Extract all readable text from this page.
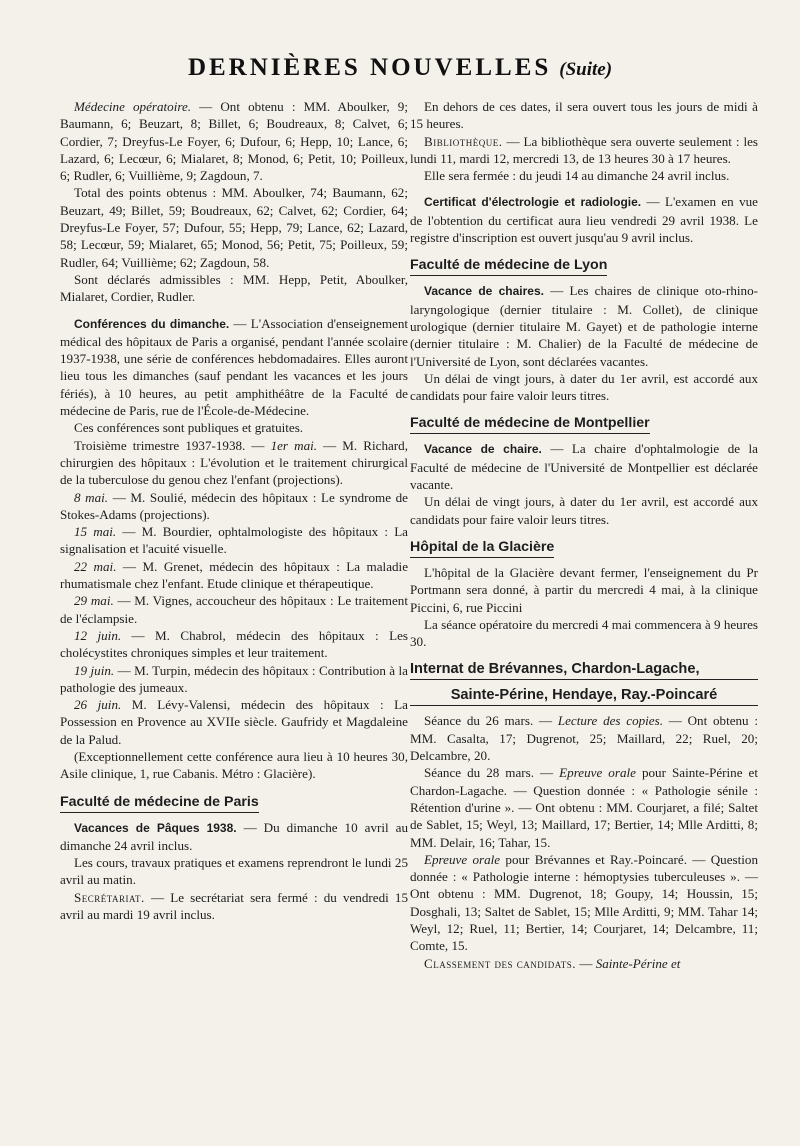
DERNIÈRES NOUVELLES (Suite)

Médecine opératoire. — Ont obtenu : MM. Aboulker, 9; Baumann, 6; Beuzart, 8; Billet, 6; Boudreaux, 8; Calvet, 6; Cordier, 7; Dreyfus-Le Foyer, 6; Dufour, 6; Hepp, 10; Lance, 6; Lazard, 6; Lecœur, 6; Mialaret, 8; Monod, 6; Petit, 10; Poilleux, 6; Rudler, 6; Vuillième, 9; Zagdoun, 7.

Total des points obtenus : MM. Aboulker, 74; Baumann, 62; Beuzart, 49; Billet, 59; Boudreaux, 62; Calvet, 62; Cordier, 64; Dreyfus-Le Foyer, 57; Dufour, 55; Hepp, 79; Lance, 62; Lazard, 58; Lecœur, 59; Mialaret, 65; Monod, 56; Petit, 75; Poilleux, 59; Rudler, 64; Vuillième; 62; Zagdoun, 58.

Sont déclarés admissibles : MM. Hepp, Petit, Aboulker, Mialaret, Cordier, Rudler.

Conférences du dimanche. — L'Association d'enseignement médical des hôpitaux de Paris a organisé, pendant l'année scolaire 1937-1938, une série de conférences hebdomadaires. Elles auront lieu tous les dimanches (sauf pendant les vacances et les jours fériés), à 10 heures, au petit amphithéâtre de la Faculté de médecine de Paris, rue de l'École-de-Médecine.

Ces conférences sont publiques et gratuites.

Troisième trimestre 1937-1938. — 1er mai. — M. Richard, chirurgien des hôpitaux : L'évolution et le traitement chirurgical de la tuberculose du genou chez l'enfant (projections).

8 mai. — M. Soulié, médecin des hôpitaux : Le syndrome de Stokes-Adams (projections).

15 mai. — M. Bourdier, ophtalmologiste des hôpitaux : La signalisation et l'acuité visuelle.

22 mai. — M. Grenet, médecin des hôpitaux : La maladie rhumatismale chez l'enfant. Etude clinique et thérapeutique.

29 mai. — M. Vignes, accoucheur des hôpitaux : Le traitement de l'éclampsie.

12 juin. — M. Chabrol, médecin des hôpitaux : Les cholécystites chroniques simples et leur traitement.

19 juin. — M. Turpin, médecin des hôpitaux : Contribution à la pathologie des jumeaux.

26 juin. M. Lévy-Valensi, médecin des hôpitaux : La Possession en Provence au XVIIe siècle. Gaufridy et Magdaleine de la Palud.

(Exceptionnellement cette conférence aura lieu à 10 heures 30, Asile clinique, 1, rue Cabanis. Métro : Glacière).

Faculté de médecine de Paris

Vacances de Pâques 1938. — Du dimanche 10 avril au dimanche 24 avril inclus.

Les cours, travaux pratiques et examens reprendront le lundi 25 avril au matin.

Secrétariat. — Le secrétariat sera fermé : du vendredi 15 avril au mardi 19 avril inclus.

En dehors de ces dates, il sera ouvert tous les jours de midi à 15 heures.

Bibliothèque. — La bibliothèque sera ouverte seulement : les lundi 11, mardi 12, mercredi 13, de 13 heures 30 à 17 heures.

Elle sera fermée : du jeudi 14 au dimanche 24 avril inclus.

Certificat d'électrologie et radiologie. — L'examen en vue de l'obtention du certificat aura lieu vendredi 29 avril 1938. Le registre d'inscription est ouvert jusqu'au 9 avril inclus.

Faculté de médecine de Lyon

Vacance de chaires. — Les chaires de clinique oto-rhino-laryngologique (dernier titulaire : M. Collet), de clinique urologique (dernier titulaire M. Gayet) et de pathologie interne (dernier titulaire : M. Chalier) de la Faculté de médecine de l'Université de Lyon, sont déclarées vacantes.

Un délai de vingt jours, à dater du 1er avril, est accordé aux candidats pour faire valoir leurs titres.

Faculté de médecine de Montpellier

Vacance de chaire. — La chaire d'ophtalmologie de la Faculté de médecine de l'Université de Montpellier est déclarée vacante.

Un délai de vingt jours, à dater du 1er avril, est accordé aux candidats pour faire valoir leurs titres.

Hôpital de la Glacière

L'hôpital de la Glacière devant fermer, l'enseignement du Pr Portmann sera donné, à partir du mercredi 4 mai, à la clinique Piccini, 6, rue Piccini

La séance opératoire du mercredi 4 mai commencera à 9 heures 30.

Internat de Brévannes, Chardon-Lagache,
Sainte-Périne, Hendaye, Ray.-Poincaré

Séance du 26 mars. — Lecture des copies. — Ont obtenu : MM. Casalta, 17; Dugrenot, 25; Maillard, 22; Ruel, 20; Delcambre, 20.

Séance du 28 mars. — Epreuve orale pour Sainte-Périne et Chardon-Lagache. — Question donnée : « Pathologie sénile : Rétention d'urine ». — Ont obtenu : MM. Courjaret, a filé; Saltet de Sablet, 15; Weyl, 13; Maillard, 17; Bertier, 14; Mlle Arditti, 8; MM. Delair, 16; Tahar, 15.

Epreuve orale pour Brévannes et Ray.-Poincaré. — Question donnée : « Pathologie interne : hémoptysies tuberculeuses ». — Ont obtenu : MM. Dugrenot, 18; Goupy, 14; Houssin, 15; Dosghali, 13; Saltet de Sablet, 15; Mlle Arditti, 9; MM. Tahar 14; Weyl, 12; Ruel, 11; Bertier, 14; Courjaret, 14; Delcambre, 11; Comte, 15.

Classement des candidats. — Sainte-Périne et
